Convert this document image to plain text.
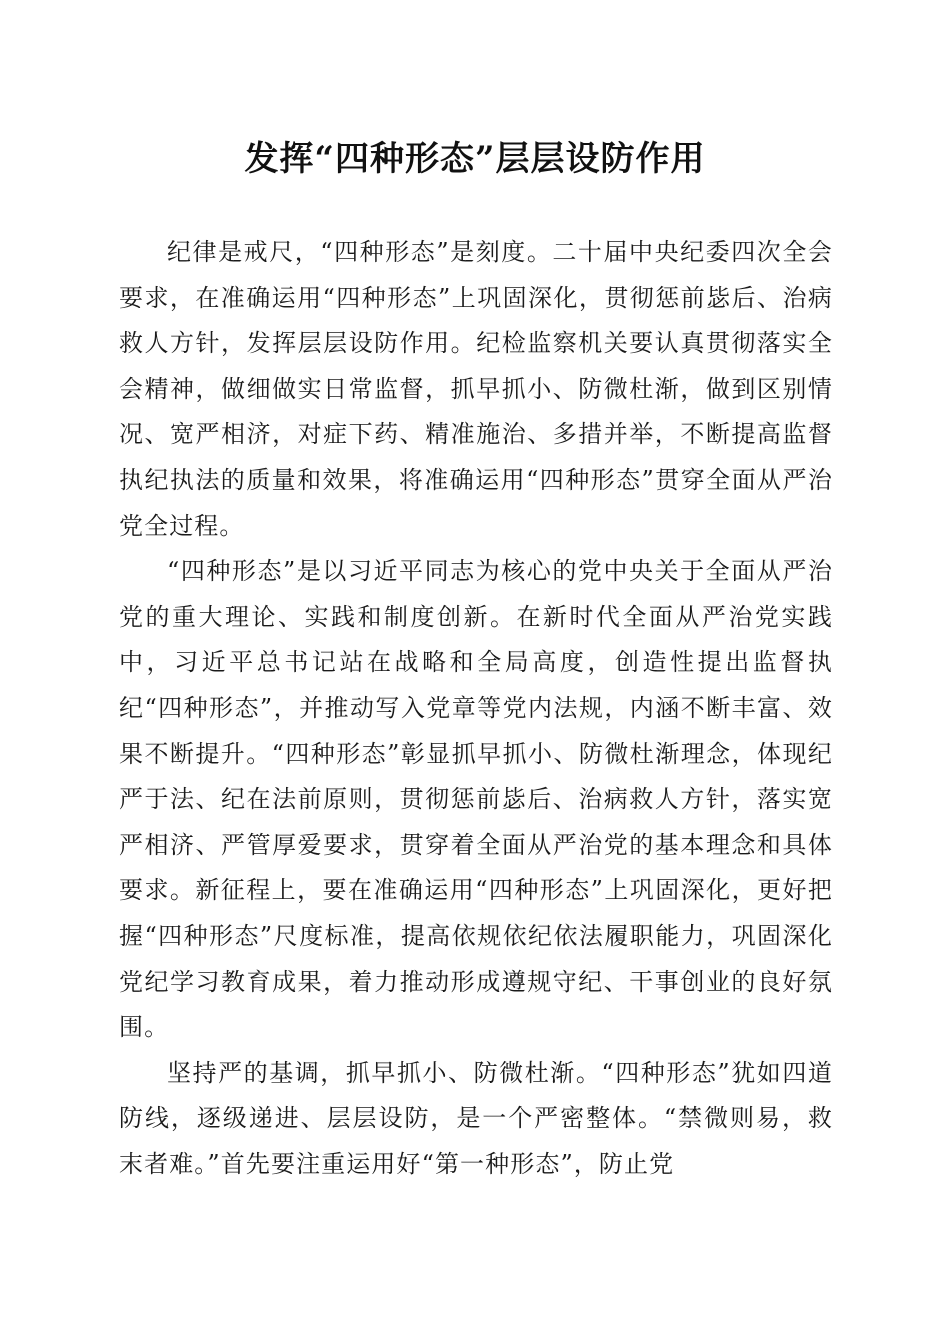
发挥“四种形态”层层设防作用

纪律是戒尺，“四种形态”是刻度。二十届中央纪委四次全会要求，在准确运用“四种形态”上巩固深化，贯彻惩前毖后、治病救人方针，发挥层层设防作用。纪检监察机关要认真贯彻落实全会精神，做细做实日常监督，抓早抓小、防微杜渐，做到区别情况、宽严相济，对症下药、精准施治、多措并举，不断提高监督执纪执法的质量和效果，将准确运用“四种形态”贯穿全面从严治党全过程。

“四种形态”是以习近平同志为核心的党中央关于全面从严治党的重大理论、实践和制度创新。在新时代全面从严治党实践中，习近平总书记站在战略和全局高度，创造性提出监督执纪“四种形态”，并推动写入党章等党内法规，内涵不断丰富、效果不断提升。“四种形态”彰显抓早抓小、防微杜渐理念，体现纪严于法、纪在法前原则，贯彻惩前毖后、治病救人方针，落实宽严相济、严管厚爱要求，贯穿着全面从严治党的基本理念和具体要求。新征程上，要在准确运用“四种形态”上巩固深化，更好把握“四种形态”尺度标准，提高依规依纪依法履职能力，巩固深化党纪学习教育成果，着力推动形成遵规守纪、干事创业的良好氛围。

坚持严的基调，抓早抓小、防微杜渐。“四种形态”犹如四道防线，逐级递进、层层设防，是一个严密整体。“禁微则易，救末者难。”首先要注重运用好“第一种形态”，防止党
